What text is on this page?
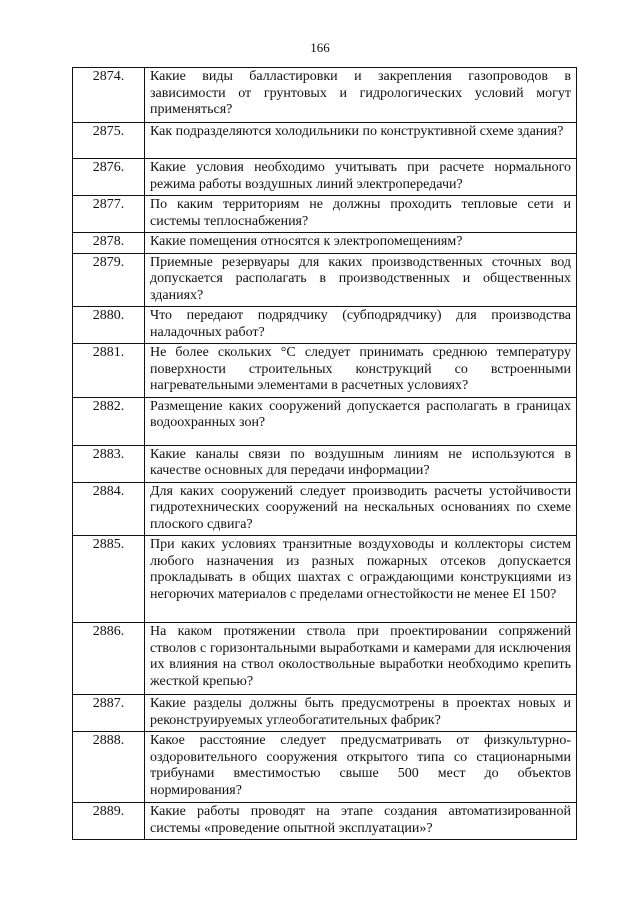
166
2874.	Какие виды балластировки и закрепления газопроводов в зависимости от грунтовых и гидрологических условий могут применяться?
2875.	Как подразделяются холодильники по конструктивной схеме здания?
2876.	Какие условия необходимо учитывать при расчете нормального режима работы воздушных линий электропередачи?
2877.	По каким территориям не должны проходить тепловые сети и системы теплоснабжения?
2878.	Какие помещения относятся к электропомещениям?
2879.	Приемные резервуары для каких производственных сточных вод допускается располагать в производственных и общественных зданиях?
2880.	Что передают подрядчику (субподрядчику) для производства наладочных работ?
2881.	Не более скольких °С следует принимать среднюю температуру поверхности строительных конструкций со встроенными нагревательными элементами в расчетных условиях?
2882.	Размещение каких сооружений допускается располагать в границах водоохранных зон?
2883.	Какие каналы связи по воздушным линиям не используются в качестве основных для передачи информации?
2884.	Для каких сооружений следует производить расчеты устойчивости гидротехнических сооружений на нескальных основаниях по схеме плоского сдвига?
2885.	При каких условиях транзитные воздуховоды и коллекторы систем любого назначения из разных пожарных отсеков допускается прокладывать в общих шахтах с ограждающими конструкциями из негорючих материалов с пределами огнестойкости не менее EI 150?
2886.	На каком протяжении ствола при проектировании сопряжений стволов с горизонтальными выработками и камерами для исключения их влияния на ствол околоствольные выработки необходимо крепить жесткой крепью?
2887.	Какие разделы должны быть предусмотрены в проектах новых и реконструируемых углеобогатительных фабрик?
2888.	Какое расстояние следует предусматривать от физкультурно-оздоровительного сооружения открытого типа со стационарными трибунами вместимостью свыше 500 мест до объектов нормирования?
2889.	Какие работы проводят на этапе создания автоматизированной системы «проведение опытной эксплуатации»?
